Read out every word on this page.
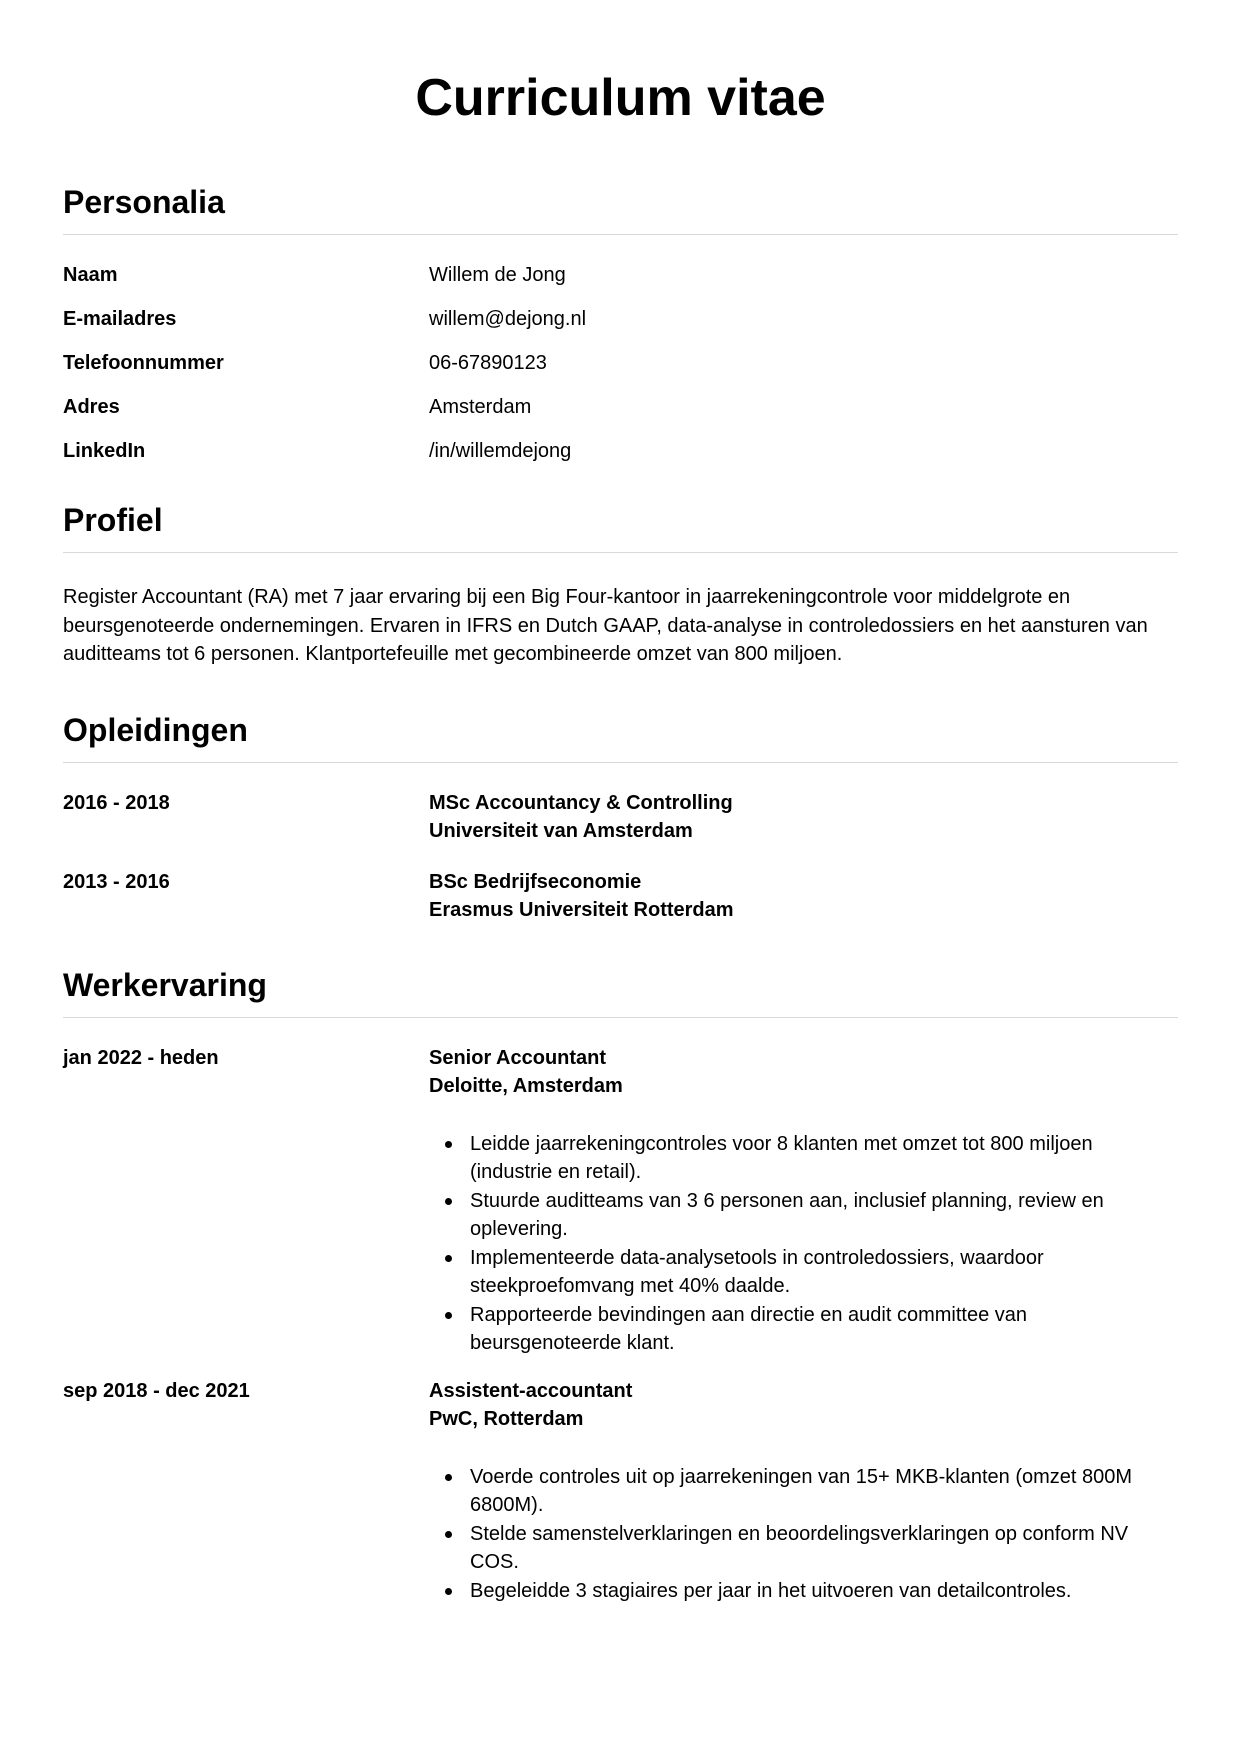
Curriculum vitae
Personalia
Naam	Willem de Jong
E-mailadres	willem@dejong.nl
Telefoonnummer	06-67890123
Adres	Amsterdam
LinkedIn	/in/willemdejong
Profiel

Register Accountant (RA) met 7 jaar ervaring bij een Big Four-kantoor in jaarrekeningcontrole voor middelgrote en beursgenoteerde ondernemingen. Ervaren in IFRS en Dutch GAAP, data-analyse in controledossiers en het aansturen van auditteams tot 6 personen. Klantportefeuille met gecombineerde omzet van 800 miljoen.

Opleidingen
2016 - 2018	MSc Accountancy & Controlling
Universiteit van Amsterdam
2013 - 2016	BSc Bedrijfseconomie
Erasmus Universiteit Rotterdam
Werkervaring
jan 2022 - heden	Senior Accountant
Deloitte, Amsterdam
Leidde jaarrekeningcontroles voor 8 klanten met omzet tot 800 miljoen (industrie en retail).
Stuurde auditteams van 3 6 personen aan, inclusief planning, review en oplevering.
Implementeerde data-analysetools in controledossiers, waardoor steekproefomvang met 40% daalde.
Rapporteerde bevindingen aan directie en audit committee van beursgenoteerde klant.
sep 2018 - dec 2021	Assistent-accountant
PwC, Rotterdam
Voerde controles uit op jaarrekeningen van 15+ MKB-klanten (omzet 800M 6800M).
Stelde samenstelverklaringen en beoordelingsverklaringen op conform NV COS.
Begeleidde 3 stagiaires per jaar in het uitvoeren van detailcontroles.
